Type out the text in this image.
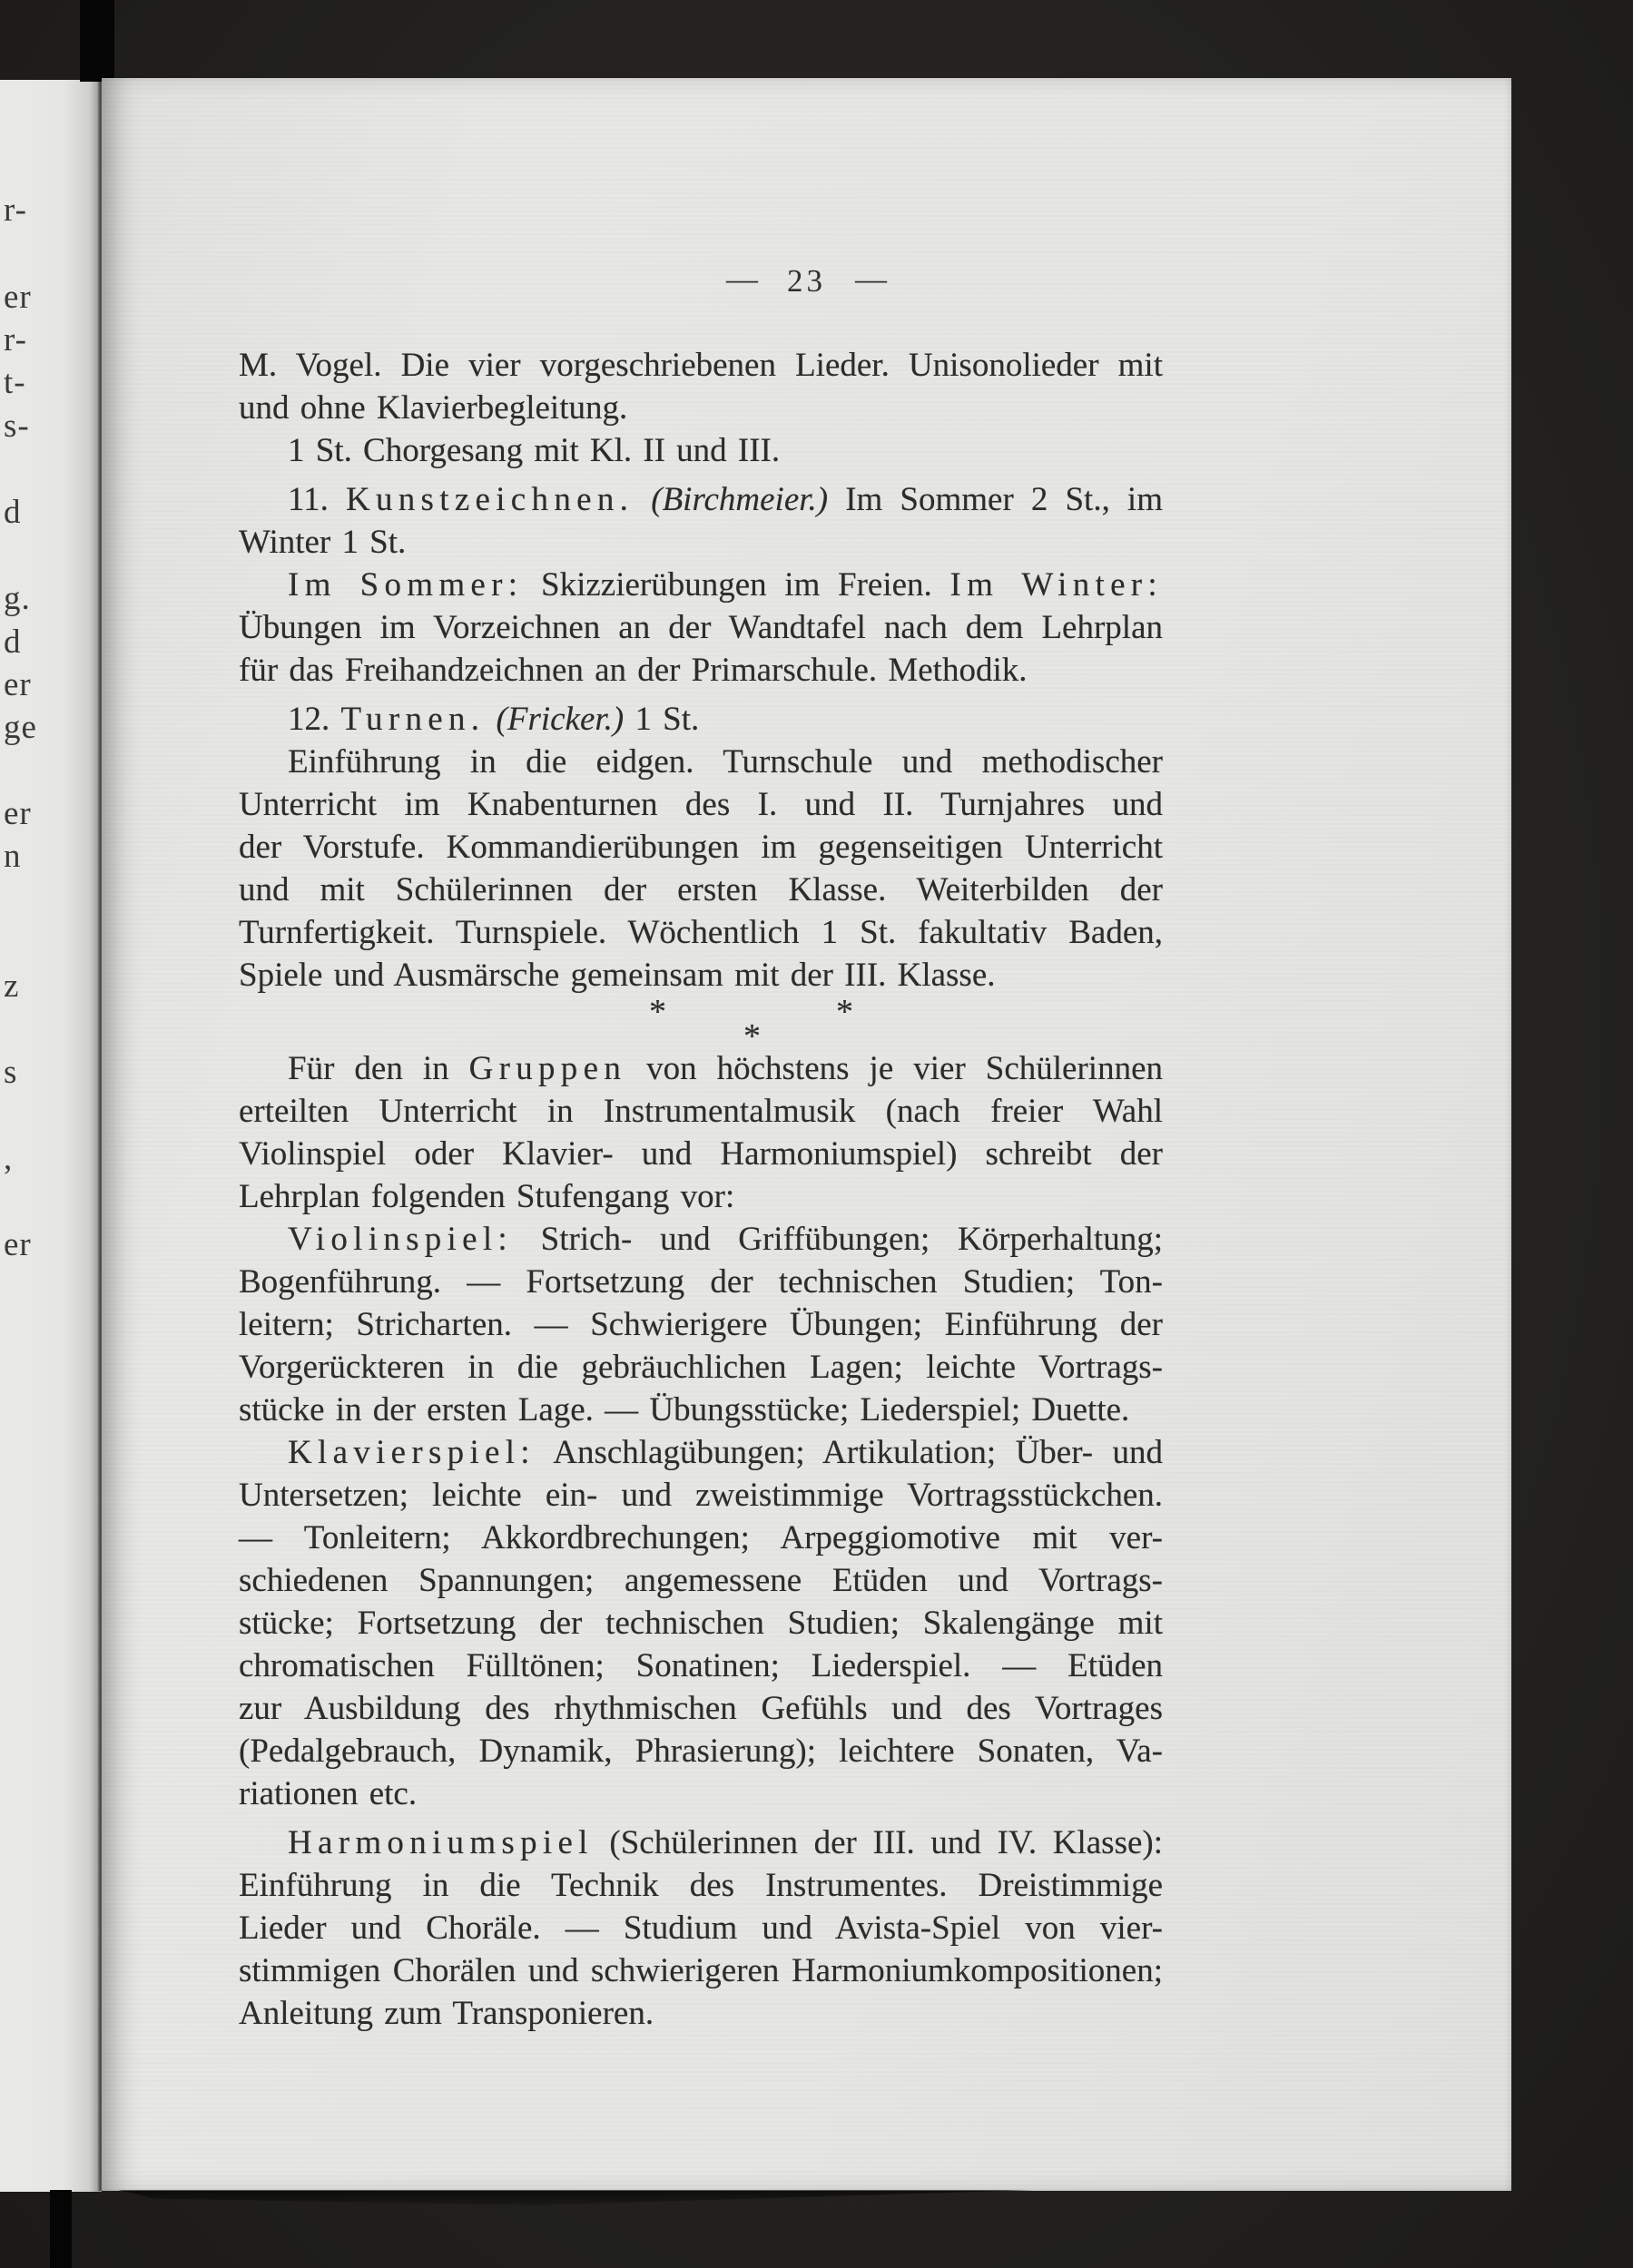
r-
er
r-
t-
s-
d
g.
d
er
ge
er
n
z
s
,
er
— 23 —
M. Vogel. Die vier vorgeschriebenen Lieder. Unisonolieder mit
und ohne Klavierbegleitung.
1 St. Chorgesang mit Kl. II und III.
11. Kunstzeichnen. (Birchmeier.) Im Sommer 2 St., im
Winter 1 St.
Im Sommer: Skizzierübungen im Freien. Im Winter:
Übungen im Vorzeichnen an der Wandtafel nach dem Lehrplan
für das Freihandzeichnen an der Primarschule. Methodik.
12. Turnen. (Fricker.) 1 St.
Einführung in die eidgen. Turnschule und methodischer
Unterricht im Knabenturnen des I. und II. Turnjahres und
der Vorstufe. Kommandierübungen im gegenseitigen Unterricht
und mit Schülerinnen der ersten Klasse. Weiterbilden der
Turnfertigkeit. Turnspiele. Wöchentlich 1 St. fakultativ Baden,
Spiele und Ausmärsche gemeinsam mit der III. Klasse.
*	*
*
Für den in Gruppen von höchstens je vier Schülerinnen
erteilten Unterricht in Instrumentalmusik (nach freier Wahl
Violinspiel oder Klavier- und Harmoniumspiel) schreibt der
Lehrplan folgenden Stufengang vor:
Violinspiel: Strich- und Griffübungen; Körperhaltung;
Bogenführung. — Fortsetzung der technischen Studien; Ton-
leitern; Stricharten. — Schwierigere Übungen; Einführung der
Vorgerückteren in die gebräuchlichen Lagen; leichte Vortrags-
stücke in der ersten Lage. — Übungsstücke; Liederspiel; Duette.
Klavierspiel: Anschlagübungen; Artikulation; Über- und
Untersetzen; leichte ein- und zweistimmige Vortragsstückchen.
— Tonleitern; Akkordbrechungen; Arpeggiomotive mit ver-
schiedenen Spannungen; angemessene Etüden und Vortrags-
stücke; Fortsetzung der technischen Studien; Skalengänge mit
chromatischen Fülltönen; Sonatinen; Liederspiel. — Etüden
zur Ausbildung des rhythmischen Gefühls und des Vortrages
(Pedalgebrauch, Dynamik, Phrasierung); leichtere Sonaten, Va-
riationen etc.
Harmoniumspiel (Schülerinnen der III. und IV. Klasse):
Einführung in die Technik des Instrumentes. Dreistimmige
Lieder und Choräle. — Studium und Avista-Spiel von vier-
stimmigen Chorälen und schwierigeren Harmoniumkompositionen;
Anleitung zum Transponieren.
